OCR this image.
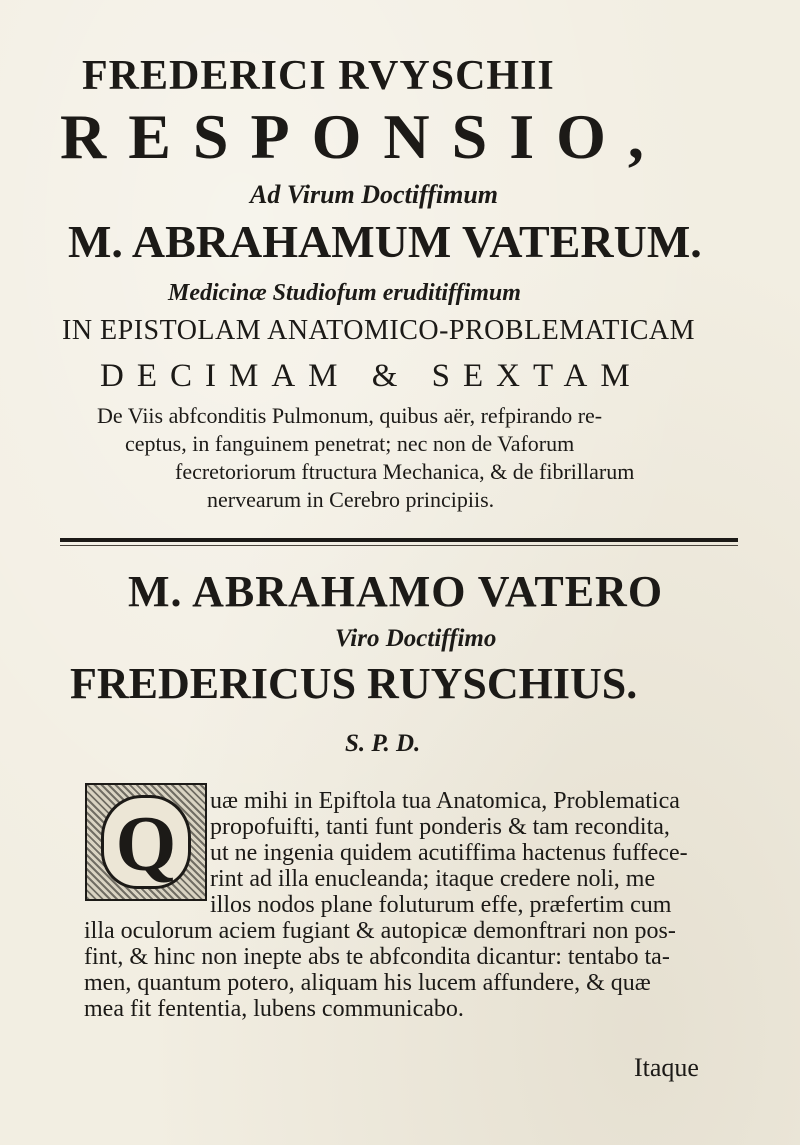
FREDERICI RVYSCHII
RESPONSIO,
Ad Virum Doctiffimum
M. ABRAHAMUM VATERUM.
Medicinæ Studiofum eruditiffimum
IN EPISTOLAM ANATOMICO-PROBLEMATICAM
DECIMAM & SEXTAM
De Viis abfconditis Pulmonum, quibus aër, refpirando re-
ceptus, in fanguinem penetrat; nec non de Vaforum
fecretoriorum ftructura Mechanica, & de fibrillarum
nervearum in Cerebro principiis.
M. ABRAHAMO VATERO
Viro Doctiffimo
FREDERICUS RUYSCHIUS.
S. P. D.
Q	uæ mihi in Epiftola tua Anatomica, Problematica
propofuifti, tanti funt ponderis & tam recondita,
ut ne ingenia quidem acutiffima hactenus fuffece-
rint ad illa enucleanda; itaque credere noli, me
illos nodos plane foluturum effe, præfertim cum
illa oculorum aciem fugiant & autopicæ demonftrari non pos-
fint, & hinc non inepte abs te abfcondita dicantur: tentabo ta-
men, quantum potero, aliquam his lucem affundere, & quæ
mea fit fententia, lubens communicabo.
Itaque
